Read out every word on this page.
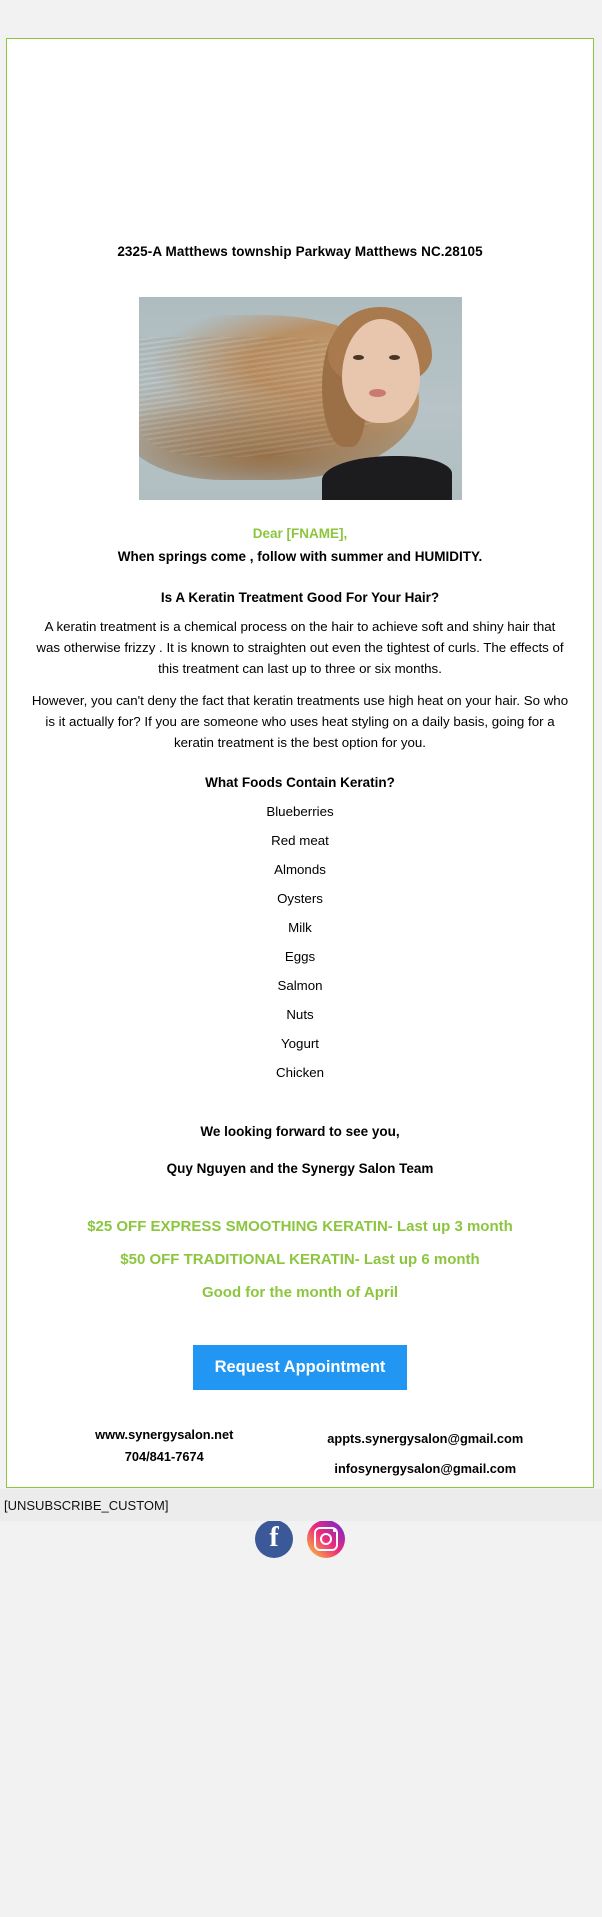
2325-A Matthews township Parkway Matthews NC.28105
Dear [FNAME],
When springs come , follow with summer and HUMIDITY.
Is A Keratin Treatment Good For Your Hair?
A keratin treatment is a chemical process on the hair to achieve soft and shiny hair that was otherwise frizzy . It is known to straighten out even the tightest of curls. The effects of this treatment can last up to three or six months.
However, you can't deny the fact that keratin treatments use high heat on your hair. So who is it actually for? If you are someone who uses heat styling on a daily basis, going for a keratin treatment is the best option for you.
What Foods Contain Keratin?
Blueberries
Red meat
Almonds
Oysters
Milk
Eggs
Salmon
Nuts
Yogurt
Chicken
We looking forward to see you,
Quy Nguyen and the Synergy Salon Team
$25 OFF EXPRESS SMOOTHING KERATIN- Last up 3 month
$50 OFF TRADITIONAL KERATIN- Last up 6 month
Good for the month of April
Request Appointment
www.synergysalon.net
704/841-7674
appts.synergysalon@gmail.com
infosynergysalon@gmail.com
f
[UNSUBSCRIBE_CUSTOM]
